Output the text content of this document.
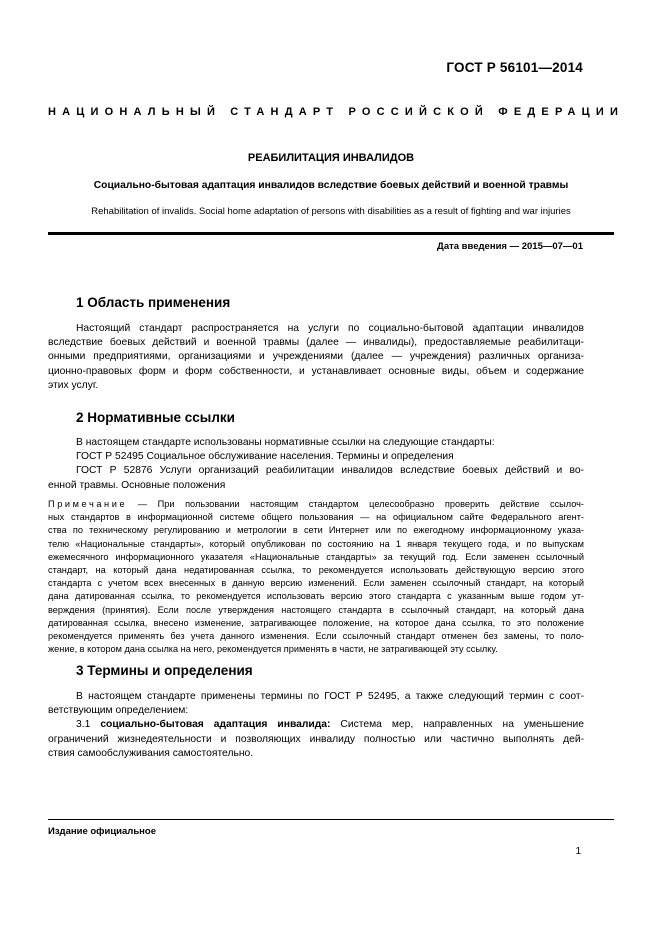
ГОСТ Р 56101—2014
НАЦИОНАЛЬНЫЙ СТАНДАРТ РОССИЙСКОЙ ФЕДЕРАЦИИ
РЕАБИЛИТАЦИЯ ИНВАЛИДОВ
Социально-бытовая адаптация инвалидов вследствие боевых действий и военной травмы
Rehabilitation of invalids. Social home adaptation of persons with disabilities as a result of fighting and war injuries
Дата введения — 2015—07—01
1 Область применения
Настоящий стандарт распространяется на услуги по социально-бытовой адаптации инвалидов
вследствие боевых действий и военной травмы (далее — инвалиды), предоставляемые реабилитаци-
онными предприятиями, организациями и учреждениями (далее — учреждения) различных организа-
ционно-правовых форм и форм собственности, и устанавливает основные виды, объем и содержание
этих услуг.
2 Нормативные ссылки
В настоящем стандарте использованы нормативные ссылки на следующие стандарты:
ГОСТ Р 52495 Социальное обслуживание населения. Термины и определения
ГОСТ Р 52876 Услуги организаций реабилитации инвалидов вследствие боевых действий и во-
енной травмы. Основные положения
Примечание — При пользовании настоящим стандартом целесообразно проверить действие ссылоч-
ных стандартов в информационной системе общего пользования — на официальном сайте Федерального агент-
ства по техническому регулированию и метрологии в сети Интернет или по ежегодному информационному указа-
телю «Национальные стандарты», который опубликован по состоянию на 1 января текущего года, и по выпускам
ежемесячного информационного указателя «Национальные стандарты» за текущий год. Если заменен ссылочный
стандарт, на который дана недатированная ссылка, то рекомендуется использовать действующую версию этого
стандарта с учетом всех внесенных в данную версию изменений. Если заменен ссылочный стандарт, на который
дана датированная ссылка, то рекомендуется использовать версию этого стандарта с указанным выше годом ут-
верждения (принятия). Если после утверждения настоящего стандарта в ссылочный стандарт, на который дана
датированная ссылка, внесено изменение, затрагивающее положение, на которое дана ссылка, то это положение
рекомендуется применять без учета данного изменения. Если ссылочный стандарт отменен без замены, то поло-
жение, в котором дана ссылка на него, рекомендуется применять в части, не затрагивающей эту ссылку.
3 Термины и определения
В настоящем стандарте применены термины по ГОСТ Р 52495, а также следующий термин с соот-
ветствующим определением:
3.1 социально-бытовая адаптация инвалида: Система мер, направленных на уменьшение
ограничений жизнедеятельности и позволяющих инвалиду полностью или частично выполнять дей-
ствия самообслуживания самостоятельно.
Издание официальное
1
